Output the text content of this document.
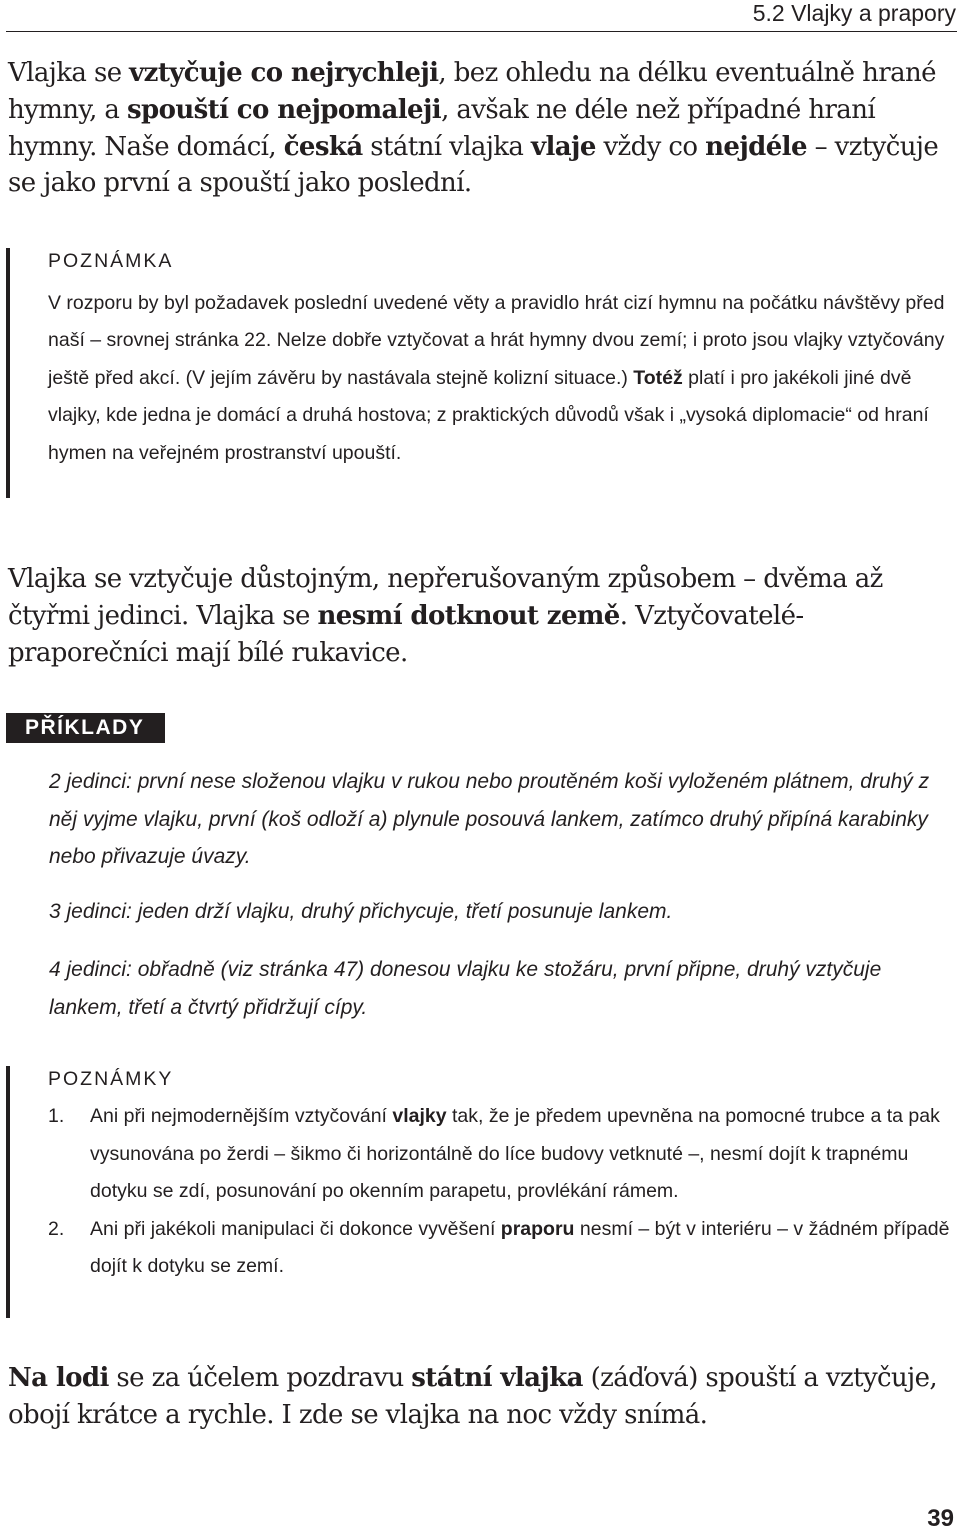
5.2 Vlajky a prapory

Vlajka se vztyčuje co nejrychleji, bez ohledu na délku eventuálně hrané hymny, a spouští co nejpomaleji, avšak ne déle než případné hraní hymny. Naše domácí, česká státní vlajka vlaje vždy co nejdéle – vztyčuje se jako první a spouští jako poslední.

POZNÁMKA

V rozporu by byl požadavek poslední uvedené věty a pravidlo hrát cizí hymnu na počátku návštěvy před naší – srovnej stránka 22. Nelze dobře vztyčovat a hrát hymny dvou zemí; i proto jsou vlajky vztyčovány ještě před akcí. (V jejím závěru by nastávala stejně kolizní situace.) Totéž platí i pro jakékoli jiné dvě vlajky, kde jedna je domácí a druhá hostova; z praktických důvodů však i „vysoká diplomacie“ od hraní hymen na veřejném prostranství upouští.

Vlajka se vztyčuje důstojným, nepřerušovaným způsobem – dvěma až čtyřmi jedinci. Vlajka se nesmí dotknout země. Vztyčovatelé-praporečníci mají bílé rukavice.

PŘÍKLADY

2 jedinci: první nese složenou vlajku v rukou nebo proutěném koši vyloženém plátnem, druhý z něj vyjme vlajku, první (koš odloží a) plynule posouvá lankem, zatímco druhý připíná karabinky nebo přivazuje úvazy.

3 jedinci: jeden drží vlajku, druhý přichycuje, třetí posunuje lankem.

4 jedinci: obřadně (viz stránka 47) donesou vlajku ke stožáru, první připne, druhý vztyčuje lankem, třetí a čtvrtý přidržují cípy.

POZNÁMKY
1. Ani při nejmodernějším vztyčování vlajky tak, že je předem upevněna na pomocné trubce a ta pak vysunována po žerdi – šikmo či horizontálně do líce budovy vetknuté –, nesmí dojít k trapnému dotyku se zdí, posunování po okenním parapetu, provlékání rámem.
2. Ani při jakékoli manipulaci či dokonce vyvěšení praporu nesmí – být v interiéru – v žádném případě dojít k dotyku se zemí.

Na lodi se za účelem pozdravu státní vlajka (záďová) spouští a vztyčuje, obojí krátce a rychle. I zde se vlajka na noc vždy snímá.

39
